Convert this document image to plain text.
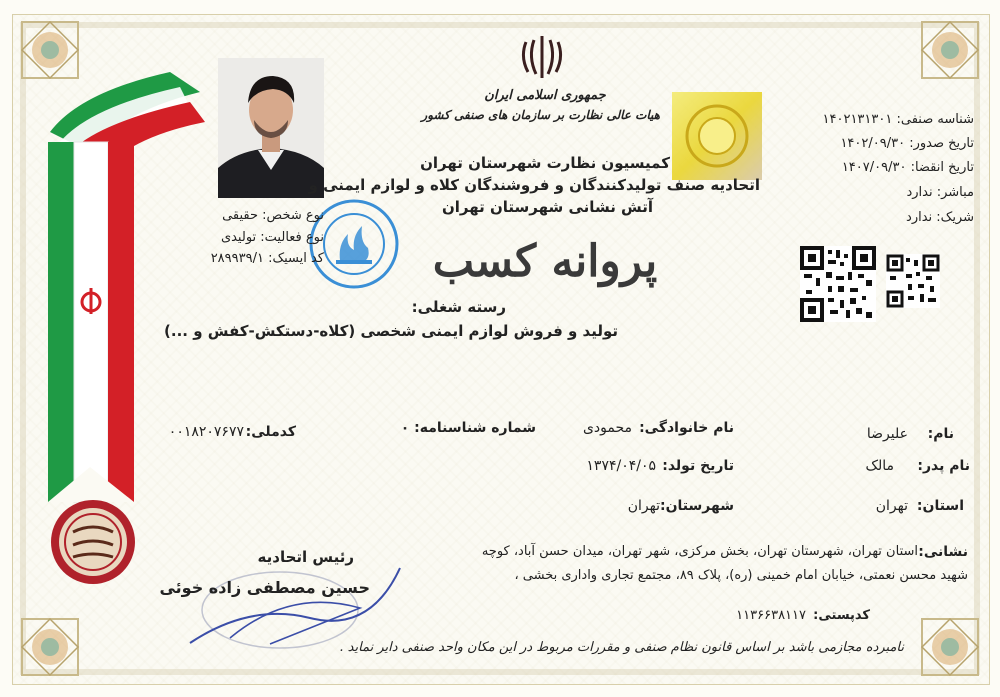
جمهوری اسلامی ایران
هیات عالی نظارت بر سازمان های صنفی کشور
کمیسیون نظارت شهرستان تهران
اتحادیه صنف تولیدکنندگان و فروشندگان کلاه و لوازم ایمنی و
آتش نشانی شهرستان تهران
پروانه کسب
شناسه صنفی: ۱۴۰۲۱۳۱۳۰۱
تاریخ صدور: ۱۴۰۲/۰۹/۳۰
تاریخ انقضا: ۱۴۰۷/۰۹/۳۰
مباشر: ندارد
شریک: ندارد
نوع شخص: حقیقی
نوع فعالیت: تولیدی
کد ایسیک: ۲۸۹۹۳۹/۱
رسته شغلی:
تولید و فروش لوازم ایمنی شخصی (کلاه-دستکش-کفش و ...)
نام:
علیرضا
نام خانوادگی:
محمودی
شماره شناسنامه: ۰
کدملی:
۰۰۱۸۲۰۷۶۷۷
نام پدر:
مالک
تاریخ تولد:
۱۳۷۴/۰۴/۰۵
استان:
تهران
شهرستان:
تهران
نشانی:
استان تهران، شهرستان تهران، بخش مرکزی، شهر تهران، میدان حسن آباد، کوچه
شهید محسن نعمتی، خیابان امام خمینی (ره)، پلاک ۸۹، مجتمع تجاری واداری بخشی ،
کدپستی:
۱۱۳۶۶۳۸۱۱۷
رئیس اتحادیه
حسین مصطفی زاده خوئی
نامبرده مجازمی باشد بر اساس قانون نظام صنفی و مقررات مربوط در این مکان واحد صنفی دایر نماید .
